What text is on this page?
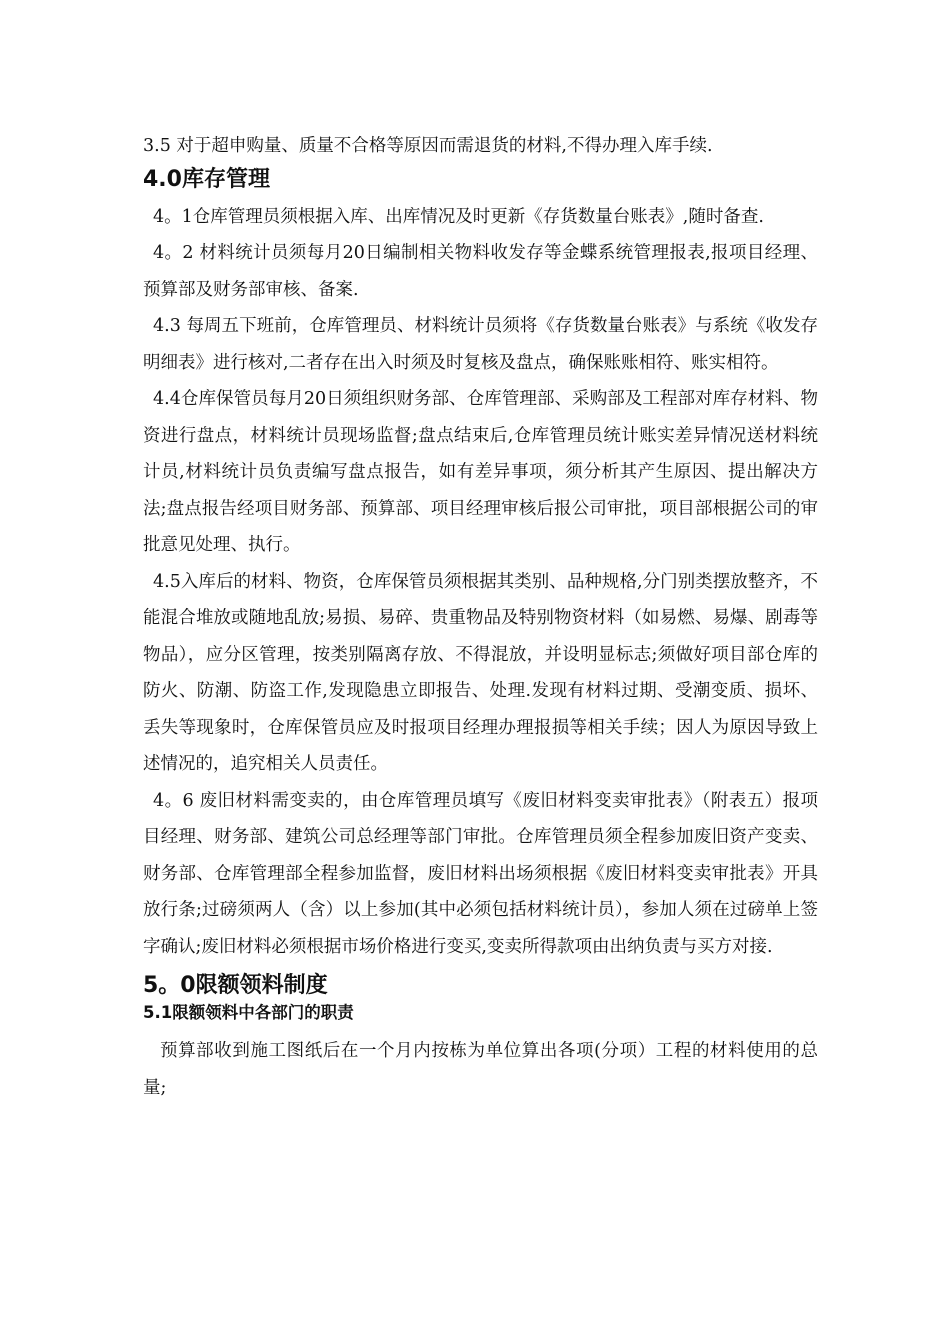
3.5 对于超申购量、质量不合格等原因而需退货的材料,不得办理入库手续.

4.0库存管理

4。1仓库管理员须根据入库、出库情况及时更新《存货数量台账表》,随时备查.

4。2 材料统计员须每月20日编制相关物料收发存等金蝶系统管理报表,报项目经理、预算部及财务部审核、备案.

4.3 每周五下班前，仓库管理员、材料统计员须将《存货数量台账表》与系统《收发存明细表》进行核对,二者存在出入时须及时复核及盘点，确保账账相符、账实相符。

4.4仓库保管员每月20日须组织财务部、仓库管理部、采购部及工程部对库存材料、物资进行盘点，材料统计员现场监督;盘点结束后,仓库管理员统计账实差异情况送材料统计员,材料统计员负责编写盘点报告，如有差异事项，须分析其产生原因、提出解决方法;盘点报告经项目财务部、预算部、项目经理审核后报公司审批，项目部根据公司的审批意见处理、执行。

4.5入库后的材料、物资，仓库保管员须根据其类别、品种规格,分门别类摆放整齐，不能混合堆放或随地乱放;易损、易碎、贵重物品及特别物资材料（如易燃、易爆、剧毒等物品），应分区管理，按类别隔离存放、不得混放，并设明显标志;须做好项目部仓库的防火、防潮、防盗工作,发现隐患立即报告、处理.发现有材料过期、受潮变质、损坏、丢失等现象时，仓库保管员应及时报项目经理办理报损等相关手续；因人为原因导致上述情况的，追究相关人员责任。

4。6 废旧材料需变卖的，由仓库管理员填写《废旧材料变卖审批表》（附表五）报项目经理、财务部、建筑公司总经理等部门审批。仓库管理员须全程参加废旧资产变卖、财务部、仓库管理部全程参加监督，废旧材料出场须根据《废旧材料变卖审批表》开具放行条;过磅须两人（含）以上参加(其中必须包括材料统计员），参加人须在过磅单上签字确认;废旧材料必须根据市场价格进行变买,变卖所得款项由出纳负责与买方对接.

5。0限额领料制度
5.1限额领料中各部门的职责

预算部收到施工图纸后在一个月内按栋为单位算出各项(分项）工程的材料使用的总量;
